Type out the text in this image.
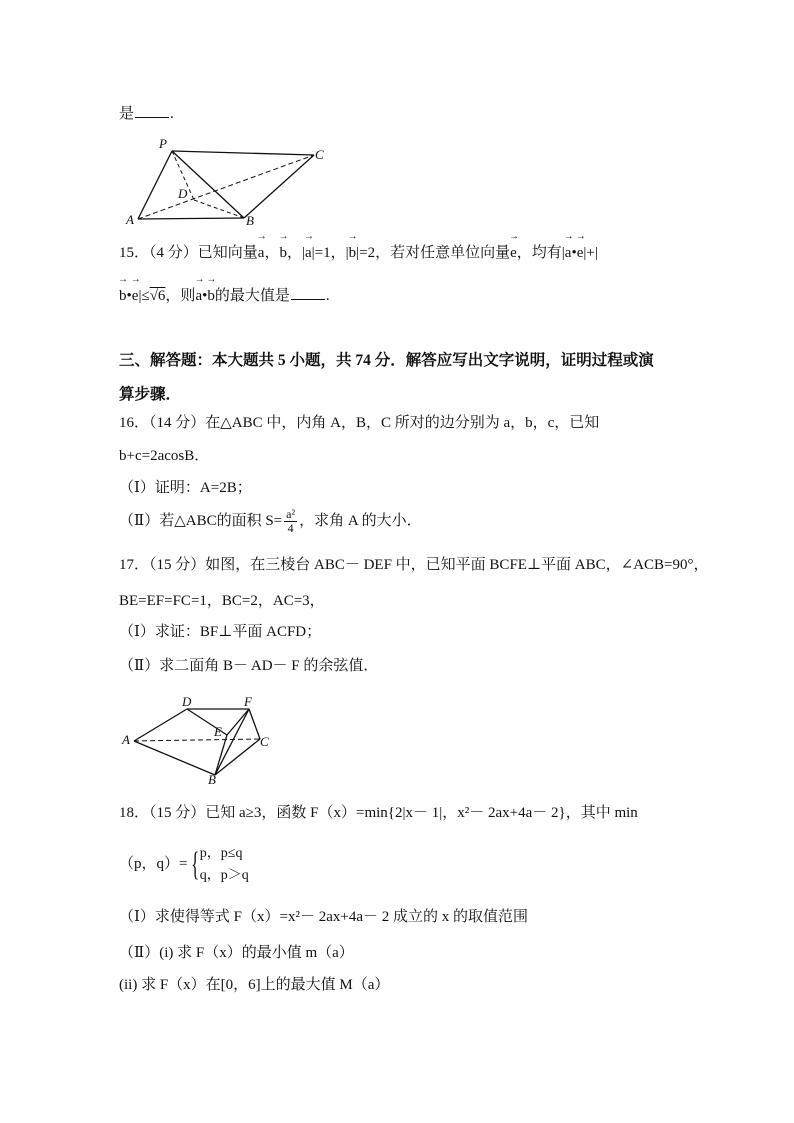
是 .
P
C
D
A	B
15．（4 分）已知向量→ a，→ b，|→ a|=1，|→ b|=2，若对任意单位向量→ e，均有|→ a•→ e|+|
→ b•→ e|≤√6，则→ a•→ b的最大值是 .
三、解答题：本大题共 5 小题，共 74 分．解答应写出文字说明，证明过程或演
算步骤．
16．（14 分）在△ABC 中，内角 A，B，C 所对的边分别为 a，b，c，已知
b+c=2acosB．
（Ⅰ）证明：A=2B；
（Ⅱ）若△ABC的面积 $S= \frac{\text{a²}}{4}$ ，求角 A 的大小．
17．（15 分）如图，在三棱台 ABC－ DEF 中，已知平面 BCFE⊥平面 ABC，∠ACB=90°，
BE=EF=FC=1，BC=2，AC=3，
（Ⅰ）求证：BF⊥平面 ACFD；
（Ⅱ）求二面角 B－ AD－ F 的余弦值．
D	F
A
E
C
B
18．（15 分）已知 a≥3，函数 F（x）=min{2|x－ 1|，x²－ 2ax+4a－ 2}，其中 min
（p，q）= { p，p≤q
q，p＞q
（Ⅰ）求使得等式 F（x）=x²－ 2ax+4a－ 2 成立的 x 的取值范围
（Ⅱ）(i) 求 F（x）的最小值 m（a）
(ii) 求 F（x）在[0，6]上的最大值 M（a）
